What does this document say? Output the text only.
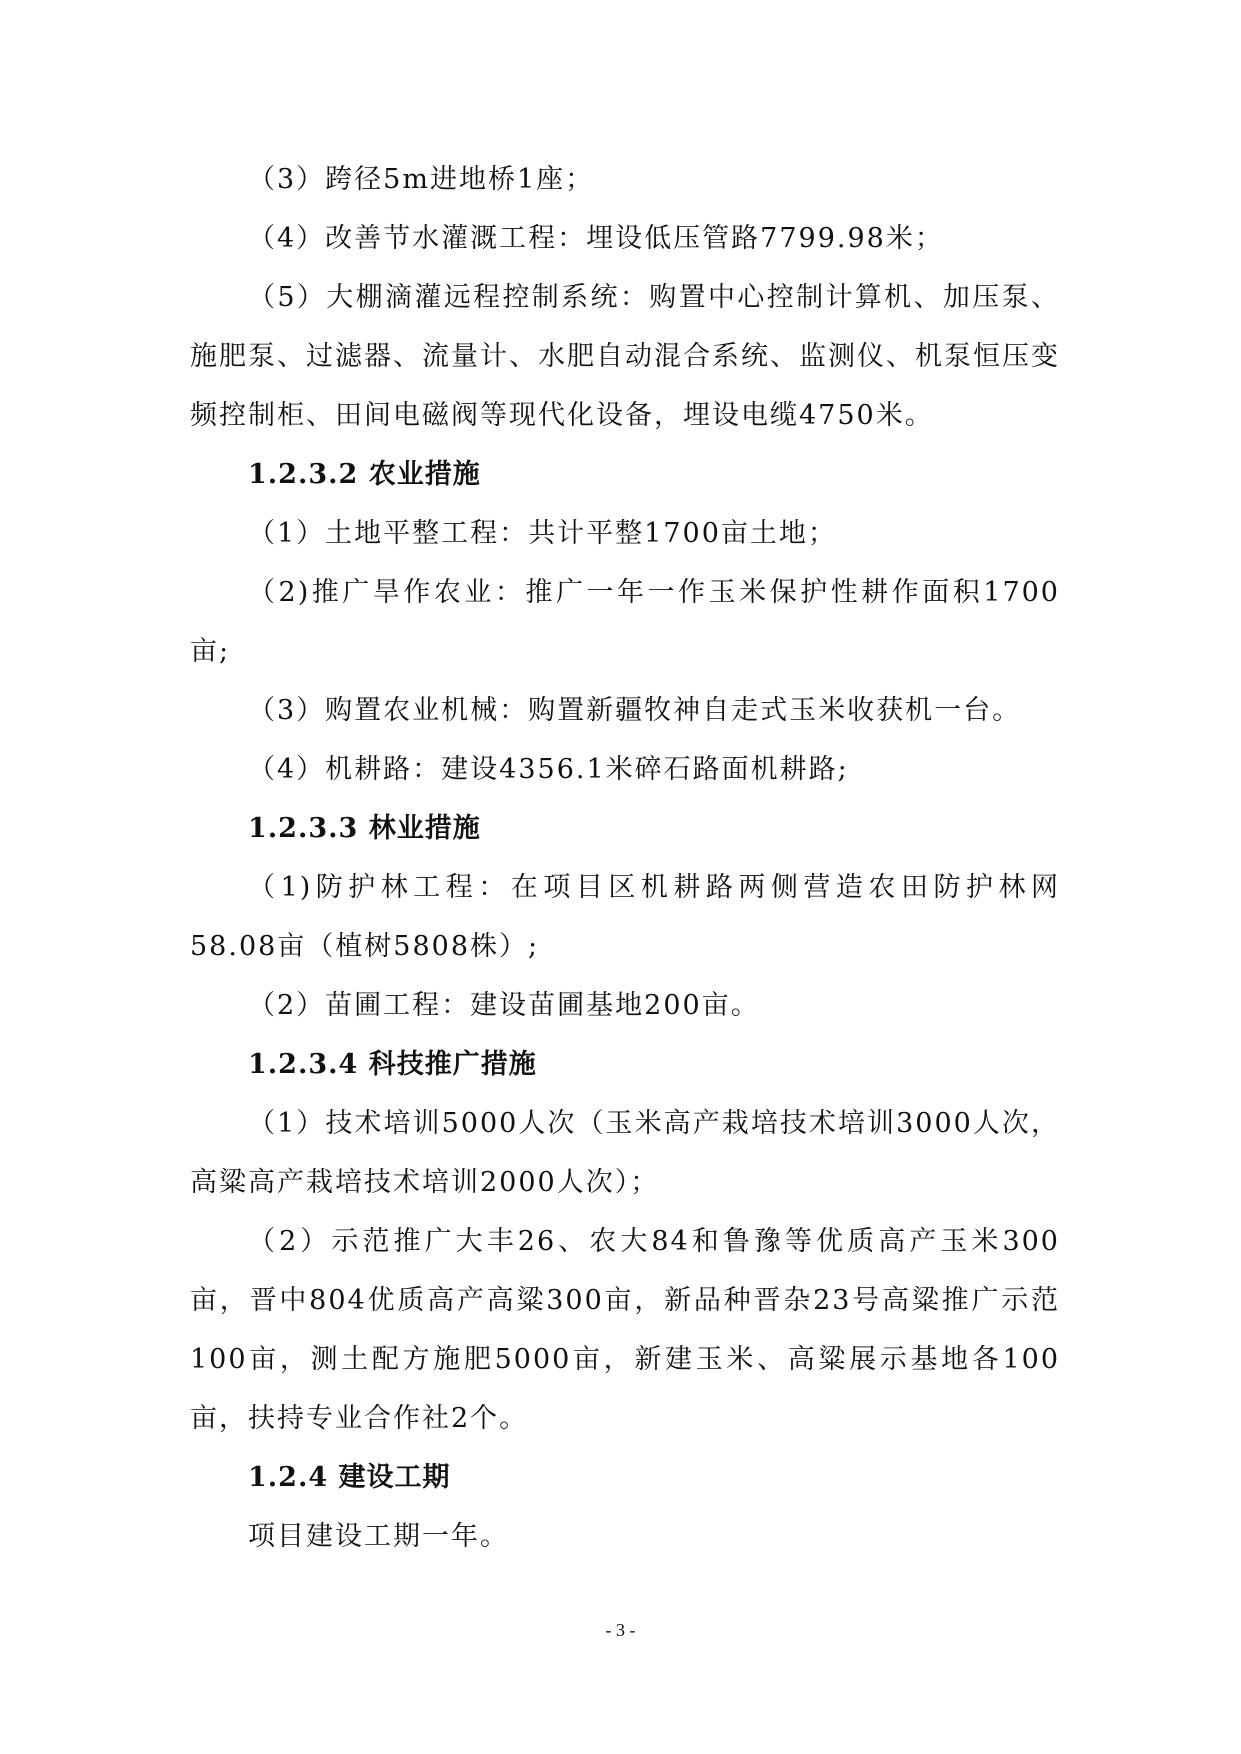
（3）跨径5m进地桥1座；

（4）改善节水灌溉工程：埋设低压管路7799.98米；

（5）大棚滴灌远程控制系统：购置中心控制计算机、加压泵、施肥泵、过滤器、流量计、水肥自动混合系统、监测仪、机泵恒压变频控制柜、田间电磁阀等现代化设备，埋设电缆4750米。

1.2.3.2 农业措施

（1）土地平整工程：共计平整1700亩土地；

（2)推广旱作农业：推广一年一作玉米保护性耕作面积1700亩;

（3）购置农业机械：购置新疆牧神自走式玉米收获机一台。

（4）机耕路：建设4356.1米碎石路面机耕路;

1.2.3.3 林业措施

（1)防护林工程：在项目区机耕路两侧营造农田防护林网58.08亩（植树5808株）;

（2）苗圃工程：建设苗圃基地200亩。

1.2.3.4 科技推广措施

（1）技术培训5000人次（玉米高产栽培技术培训3000人次，高粱高产栽培技术培训2000人次）；

（2）示范推广大丰26、农大84和鲁豫等优质高产玉米300亩，晋中804优质高产高粱300亩，新品种晋杂23号高粱推广示范100亩，测土配方施肥5000亩，新建玉米、高粱展示基地各100亩，扶持专业合作社2个。

1.2.4 建设工期

项目建设工期一年。

- 3 -
